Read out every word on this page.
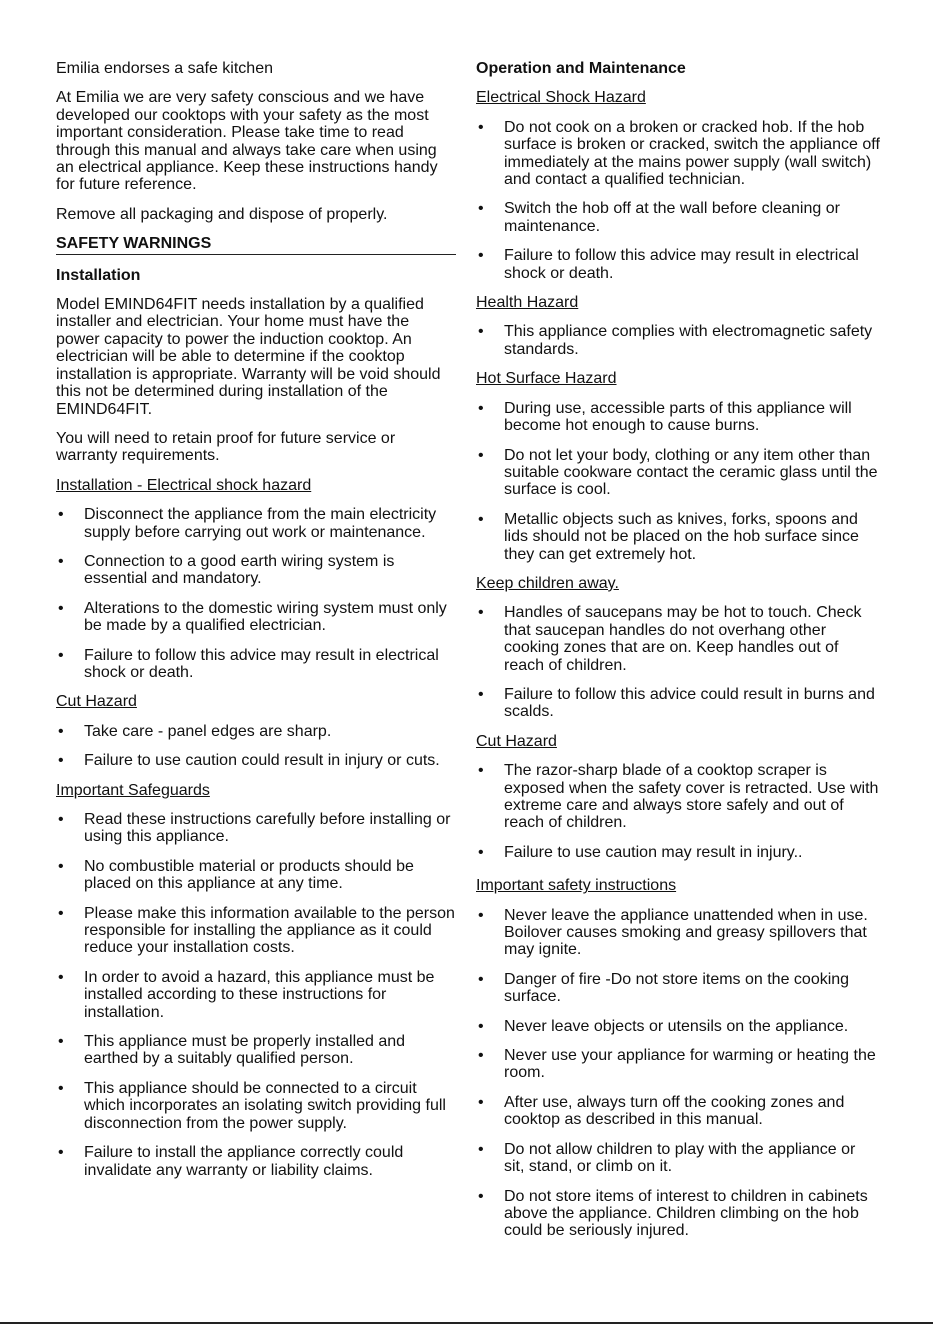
Emilia endorses a safe kitchen

At Emilia we are very safety conscious and we have developed our cooktops with your safety as the most important consideration. Please take time to read through this manual and always take care when using an electrical appliance. Keep these instructions handy for future reference.

Remove all packaging and dispose of properly.

SAFETY WARNINGS
Installation

Model EMIND64FIT needs installation by a qualified installer and electrician. Your home must have the power capacity to power the induction cooktop. An electrician will be able to determine if the cooktop installation is appropriate. Warranty will be void should this not be determined during installation of the EMIND64FIT.

You will need to retain proof for future service or warranty requirements.

Installation - Electrical shock hazard
• Disconnect the appliance from the main electricity supply before carrying out work or maintenance.
• Connection to a good earth wiring system is essential and mandatory.
• Alterations to the domestic wiring system must only be made by a qualified electrician.
• Failure to follow this advice may result in electrical shock or death.
Cut Hazard
• Take care - panel edges are sharp.
• Failure to use caution could result in injury or cuts.
Important Safeguards
• Read these instructions carefully before installing or using this appliance.
• No combustible material or products should be placed on this appliance at any time.
• Please make this information available to the person responsible for installing the appliance as it could reduce your installation costs.
• In order to avoid a hazard, this appliance must be installed according to these instructions for installation.
• This appliance must be properly installed and earthed by a suitably qualified person.
• This appliance should be connected to a circuit which incorporates an isolating switch providing full disconnection from the power supply.
• Failure to install the appliance correctly could invalidate any warranty or liability claims.
Operation and Maintenance
Electrical Shock Hazard
• Do not cook on a broken or cracked hob. If the hob surface is broken or cracked, switch the appliance off immediately at the mains power supply (wall switch) and contact a qualified technician.
• Switch the hob off at the wall before cleaning or maintenance.
• Failure to follow this advice may result in electrical shock or death.
Health Hazard
• This appliance complies with electromagnetic safety standards.
Hot Surface Hazard
• During use, accessible parts of this appliance will become hot enough to cause burns.
• Do not let your body, clothing or any item other than suitable cookware contact the ceramic glass until the surface is cool.
• Metallic objects such as knives, forks, spoons and lids should not be placed on the hob surface since they can get extremely hot.
Keep children away.
• Handles of saucepans may be hot to touch. Check that saucepan handles do not overhang other cooking zones that are on. Keep handles out of reach of children.
• Failure to follow this advice could result in burns and scalds.
Cut Hazard
• The razor-sharp blade of a cooktop scraper is exposed when the safety cover is retracted. Use with extreme care and always store safely and out of reach of children.
• Failure to use caution may result in injury..
Important safety instructions
• Never leave the appliance unattended when in use. Boilover causes smoking and greasy spillovers that may ignite.
• Danger of fire -Do not store items on the cooking surface.
• Never leave objects or utensils on the appliance.
• Never use your appliance for warming or heating the room.
• After use, always turn off the cooking zones and cooktop as described in this manual.
• Do not allow children to play with the appliance or sit, stand, or climb on it.
• Do not store items of interest to children in cabinets above the appliance. Children climbing on the hob could be seriously injured.
